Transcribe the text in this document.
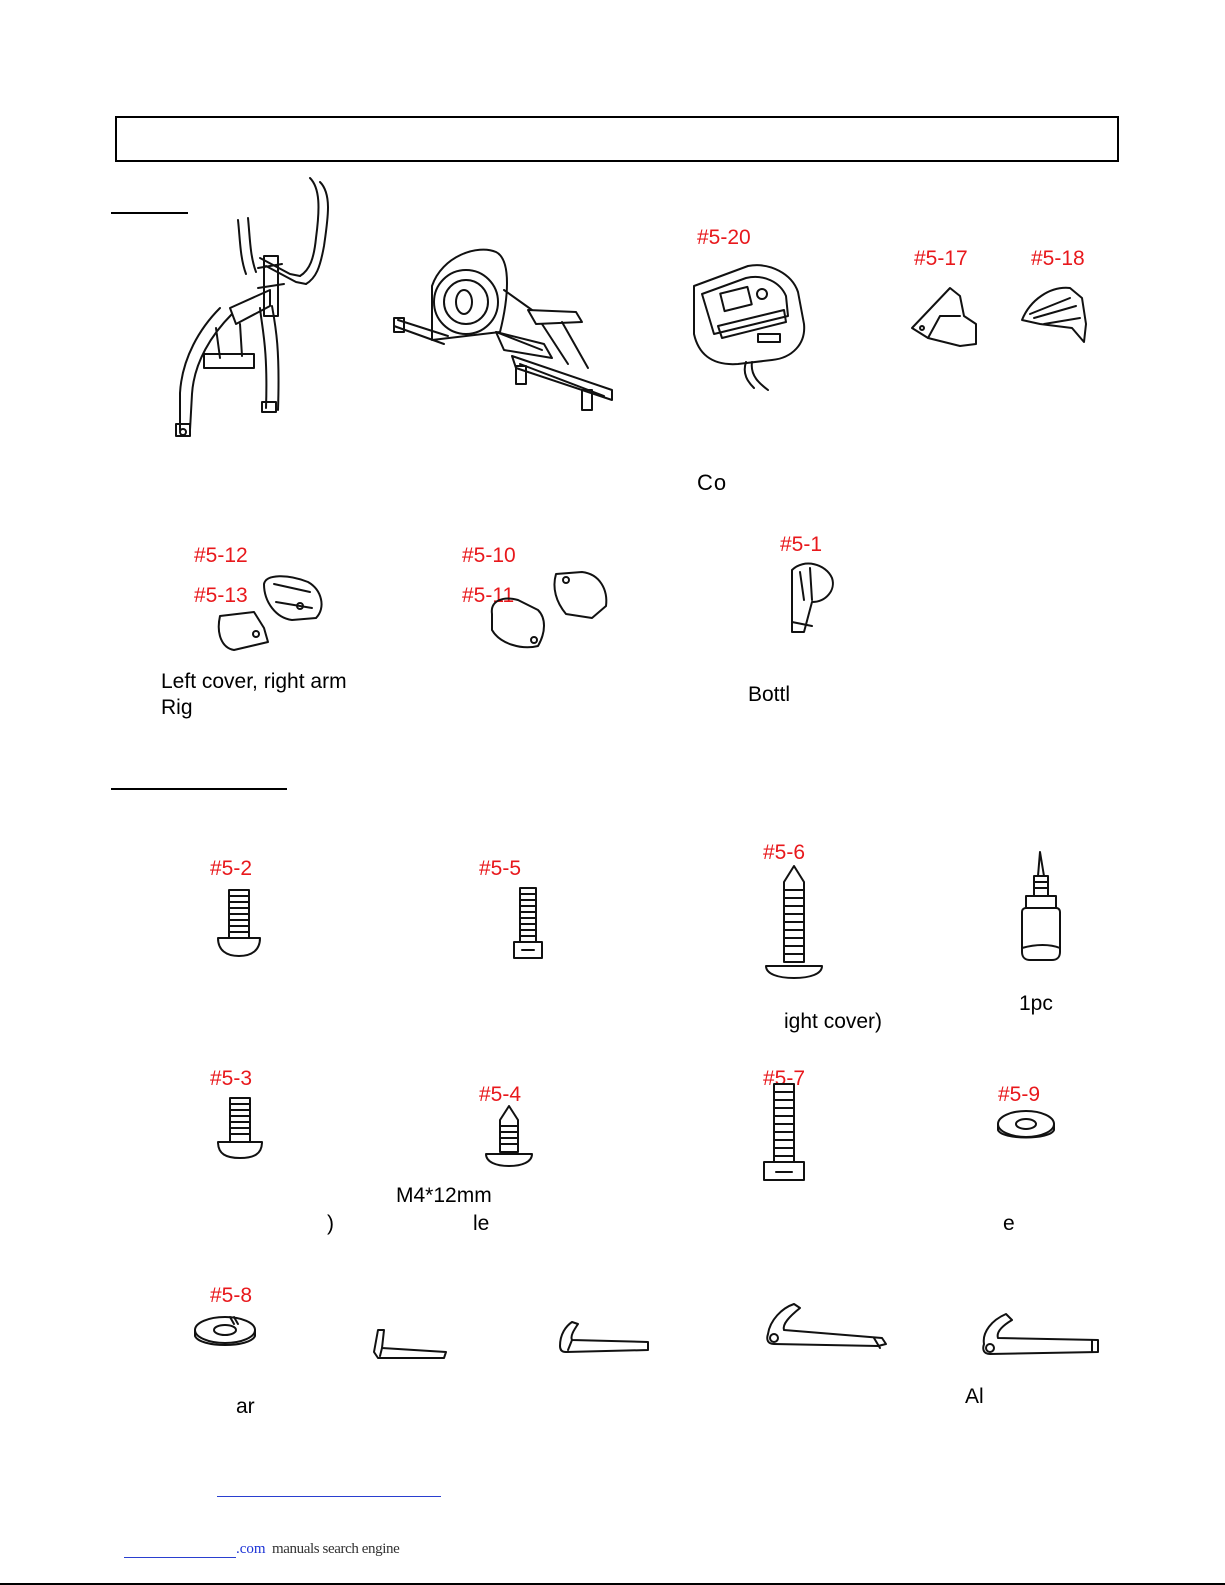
#5-20
Co
#5-17	#5-18
#5-12
#5-13
#5-10
#5-11
#5-1
Left cover, right arm
Rig
Bottl
#5-2	#5-5
#5-6
ight cover)
1pc
#5-3
#5-4
M4*12mm
)	le
#5-7
#5-9
e
#5-8
ar	Al
.com manuals search engine
